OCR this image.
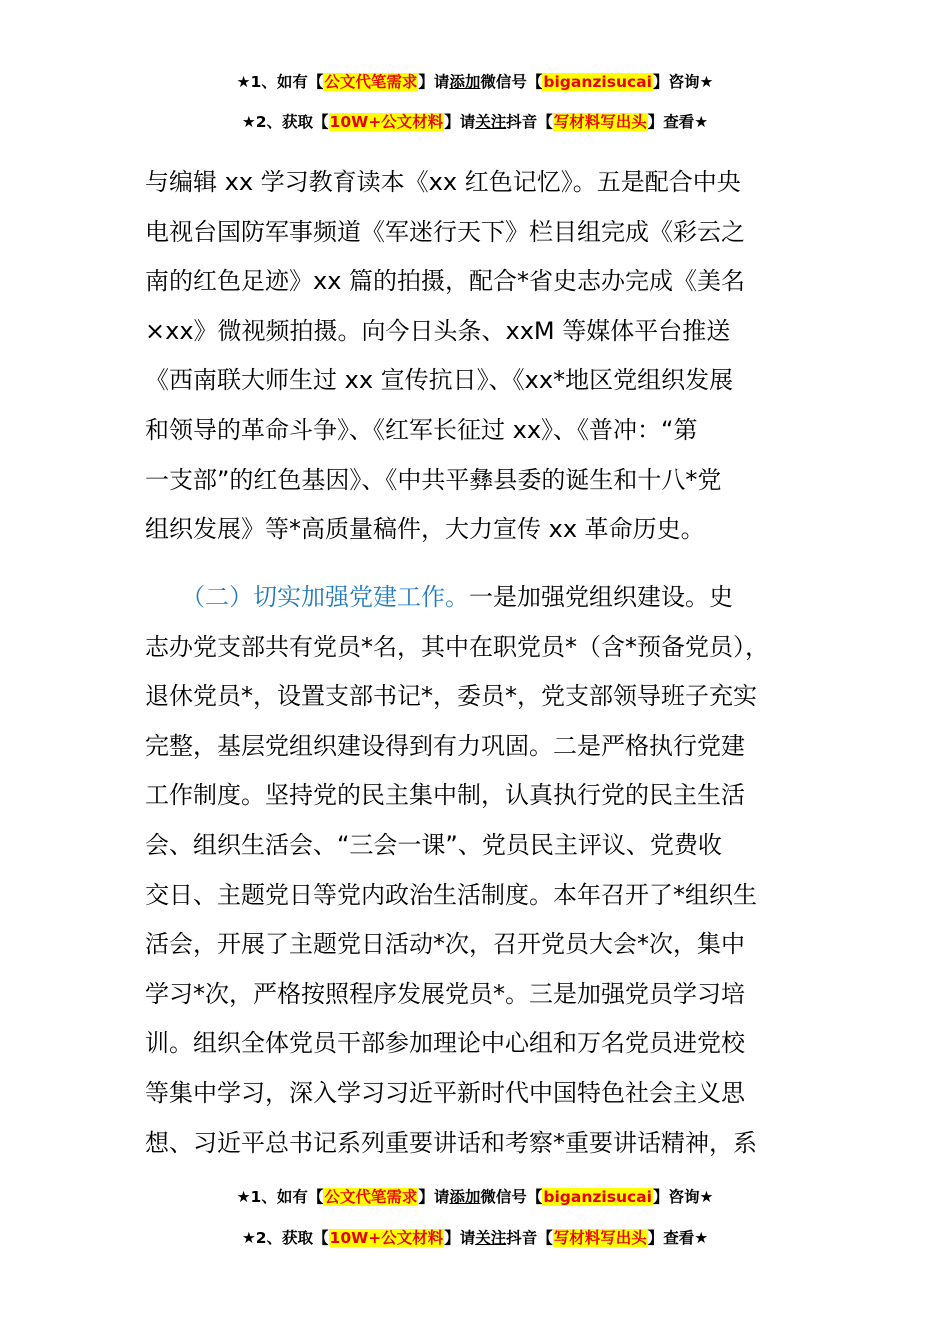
★1、如有【公文代笔需求】请添加微信号【biganzisucai】咨询★
★2、获取【10W+公文材料】请关注抖音【写材料写出头】查看★
与编辑 xx 学习教育读本《xx 红色记忆》。五是配合中央
电视台国防军事频道《军迷行天下》栏目组完成《彩云之
南的红色足迹》xx 篇的拍摄，配合*省史志办完成《美名
×xx》微视频拍摄。向今日头条、xxM 等媒体平台推送
《西南联大师生过 xx 宣传抗日》、《xx*地区党组织发展
和领导的革命斗争》、《红军长征过 xx》、《普冲：“第
一支部”的红色基因》、《中共平彝县委的诞生和十八*党
组织发展》等*高质量稿件，大力宣传 xx 革命历史。
　　（二）切实加强党建工作。一是加强党组织建设。史
志办党支部共有党员*名，其中在职党员*（含*预备党员），
退休党员*，设置支部书记*，委员*，党支部领导班子充实
完整，基层党组织建设得到有力巩固。二是严格执行党建
工作制度。坚持党的民主集中制，认真执行党的民主生活
会、组织生活会、“三会一课”、党员民主评议、党费收
交日、主题党日等党内政治生活制度。本年召开了*组织生
活会，开展了主题党日活动*次，召开党员大会*次，集中
学习*次，严格按照程序发展党员*。三是加强党员学习培
训。组织全体党员干部参加理论中心组和万名党员进党校
等集中学习，深入学习习近平新时代中国特色社会主义思
想、习近平总书记系列重要讲话和考察*重要讲话精神，系
★1、如有【公文代笔需求】请添加微信号【biganzisucai】咨询★
★2、获取【10W+公文材料】请关注抖音【写材料写出头】查看★
